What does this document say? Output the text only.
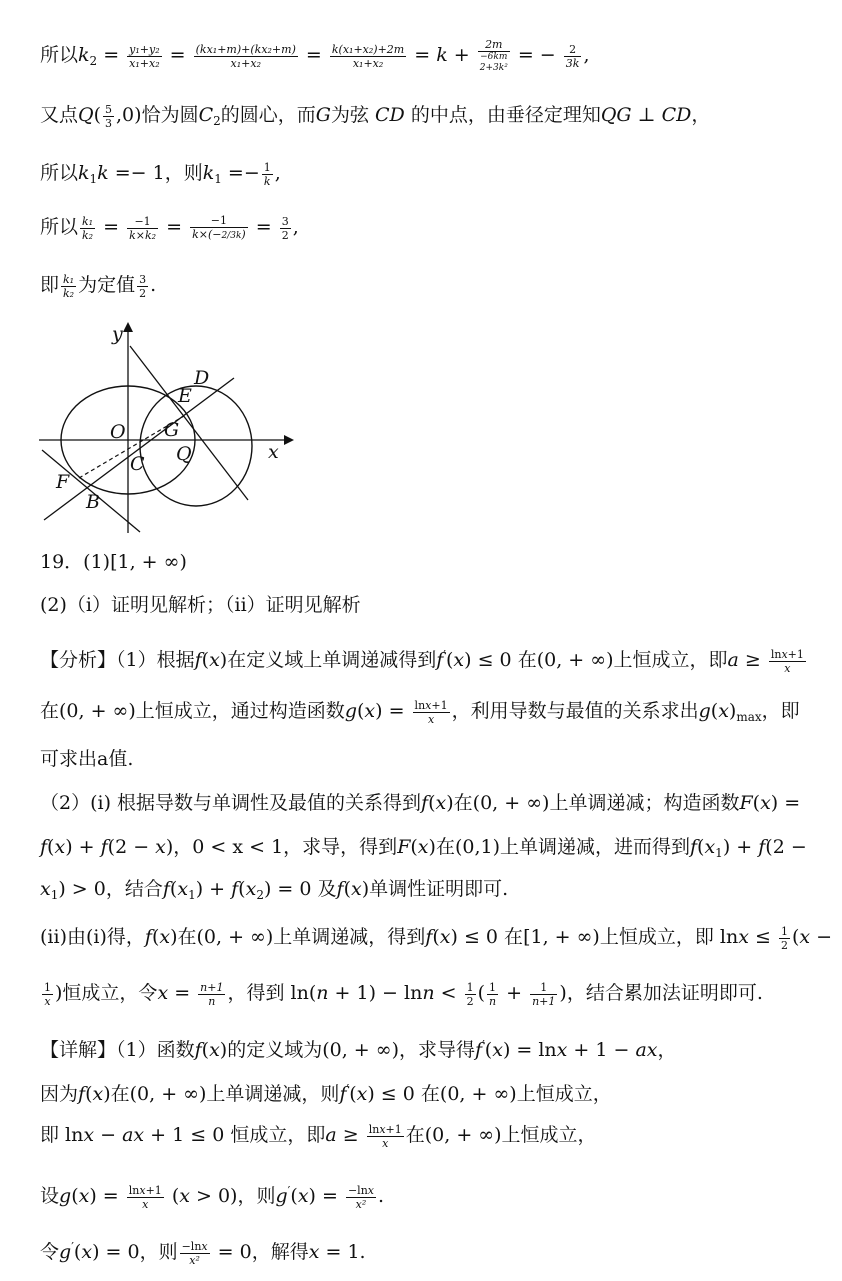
所以$k_2 = \frac{\text{y₁+y₂}}{\text{x₁+x₂}} = \frac{\text{(kx₁+m)+(kx₂+m)}}{\text{x₁+x₂}} = \frac{\text{k(x₁+x₂)+2m}}{\text{x₁+x₂}} = k + 2m$
−6km
2+3k²
= − $\frac{2}{3k}$ ,
又点$Q( \frac{5}{3} ,0)$恰为圆$C_2$的圆心，而G为弦 CD 的中点，由垂径定理知QG ⊥ CD，
所以$k_1k =- 1$，则$k_1 =- \frac{1}{k}$ ,
所以 $\frac{\text{k₁}}{\text{k₂}} = \frac{-1}{\text{k×k₂}} = \frac{-1}{k\times(-2/3k)} = \frac{3}{2}$ ,
即 $\frac{\text{k₁}}{\text{k₂}}$ 为定值 $\frac{3}{2}$ .
y
x
O
Q
C
G
E
D
F
B
19．(1)[1, + ∞)
(2)（i）证明见解析；（ii）证明见解析
【分析】（1）根据f(x)在定义域上单调递减得到f′(x) ≤ 0 在(0, + ∞)上恒成立，即$a \ge \frac{\ln x+1}{x}$
在(0, + ∞)上恒成立，通过构造函数$g(x) = \frac{\ln x+1}{x}$ ，利用导数与最值的关系求出$g(x)_{max}$，即
可求出a值.
（2）(i) 根据导数与单调性及最值的关系得到f(x)在(0, + ∞)上单调递减；构造函数F(x) =
f(x) + f(2 − x)，0 < x < 1，求导，得到F(x)在(0,1)上单调递减，进而得到$f(x_1) + f(2$ −
$x_1) > 0$，结合$f(x_1) + f(x_2) = 0$ 及f(x)单调性证明即可.
(ii)由(i)得，f(x)在(0, + ∞)上单调递减，得到f(x) ≤ 0 在[1, + ∞)上恒成立，即 $\ln x \le \frac{1}{2} (x$ −
$\frac{1}{x}$ )恒成立，令$x = \frac{n+1}{n}$ ，得到 $\ln(n + 1) - \ln n < \frac{1}{2}$ ( $\frac{1}{n} + \frac{1}{n+1}$ )，结合累加法证明即可.
【详解】（1）函数f(x)的定义域为(0, + ∞)，求导得f′(x) = lnx + 1 − ax，
因为f(x)在(0, + ∞)上单调递减，则f′(x) ≤ 0 在(0, + ∞)上恒成立，
即 lnx − ax + 1 ≤ 0 恒成立，即$a \ge \frac{\ln x+1}{x}$ 在(0, + ∞)上恒成立，
设$g(x) = \frac{\ln x+1}{x} (x > 0)$，则$g'(x) = \frac{-\ln x}{\text{x²}}$ .
令g′(x) = 0，则 $\frac{-\ln x}{\text{x²}} = 0$，解得x = 1.
